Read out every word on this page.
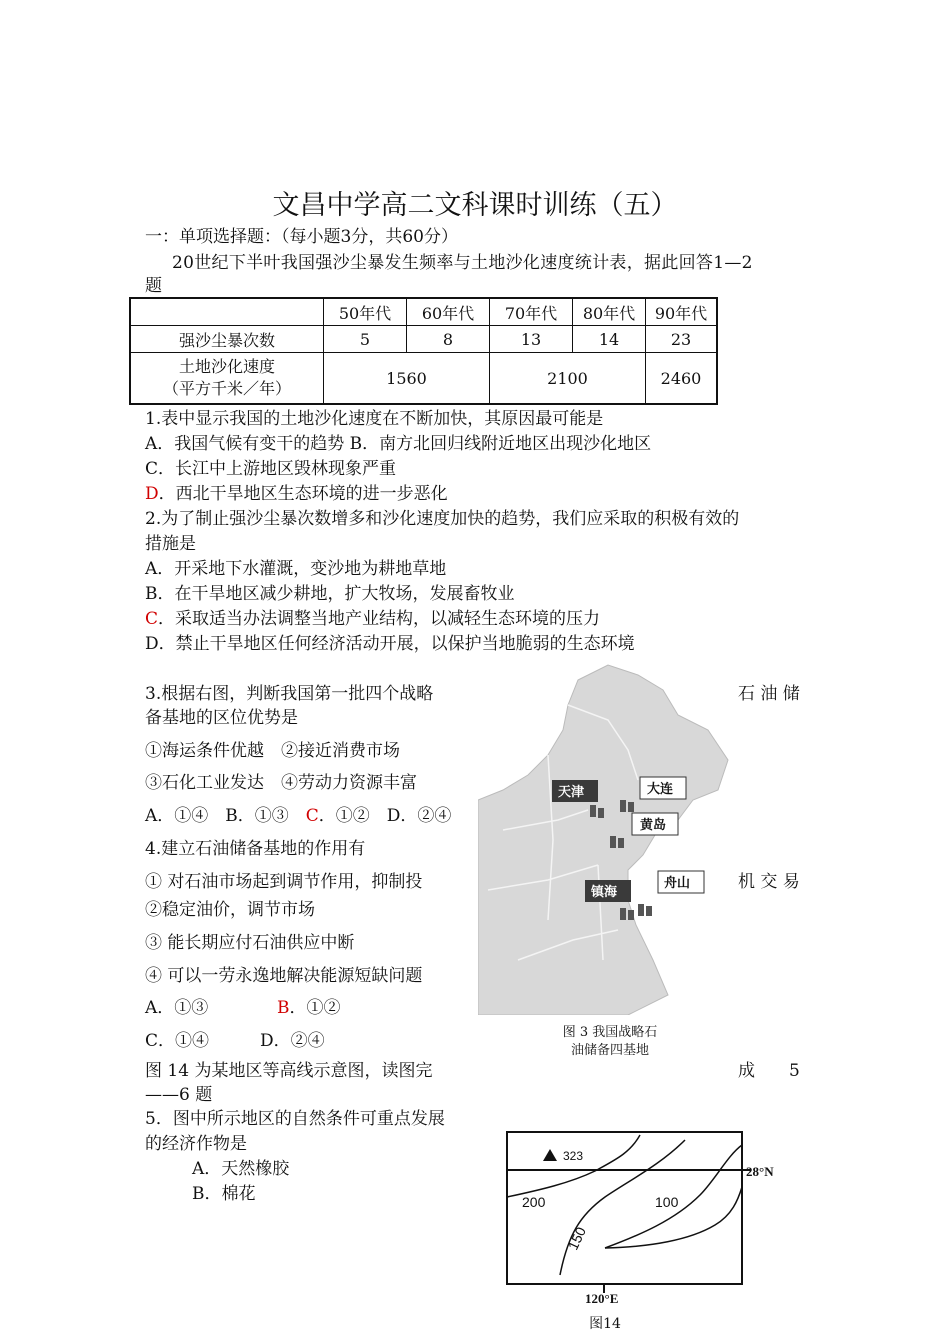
文昌中学高二文科课时训练（五）
一：单项选择题：（每小题3分，共60分）
20世纪下半叶我国强沙尘暴发生频率与土地沙化速度统计表，据此回答1—2
题
	50年代	60年代	70年代	80年代	90年代
强沙尘暴次数	5	8	13	14	23

土地沙化速度
（平方千米／年）	1560		2100		2460
1.表中显示我国的土地沙化速度在不断加快，其原因最可能是
A．我国气候有变干的趋势 B．南方北回归线附近地区出现沙化地区
C．长江中上游地区毁林现象严重
D．西北干旱地区生态环境的进一步恶化
2.为了制止强沙尘暴次数增多和沙化速度加快的趋势，我们应采取的积极有效的
措施是
A．开采地下水灌溉，变沙地为耕地草地
B．在干旱地区减少耕地，扩大牧场，发展畜牧业
C．采取适当办法调整当地产业结构，以减轻生态环境的压力
D．禁止干旱地区任何经济活动开展，以保护当地脆弱的生态环境
3.根据右图，判断我国第一批四个战略	石 油 储
备基地的区位优势是
①海运条件优越　②接近消费市场
③石化工业发达　④劳动力资源丰富
A．①④　B．①③　C．①②　D．②④
4.建立石油储备基地的作用有
① 对石油市场起到调节作用，抑制投	机 交 易
②稳定油价，调节市场
③ 能长期应付石油供应中断
④ 可以一劳永逸地解决能源短缺问题
A．①③	B．①②
C．①④　　　D．②④
天津	大连
黄岛
镇海
舟山
图 3 我国战略石
油储备四基地
图 14 为某地区等高线示意图，读图完	成　　5
——6 题
5．图中所示地区的自然条件可重点发展
的经济作物是
A．天然橡胶
B．棉花
323
28°N
200
150
100
120°E
图14
